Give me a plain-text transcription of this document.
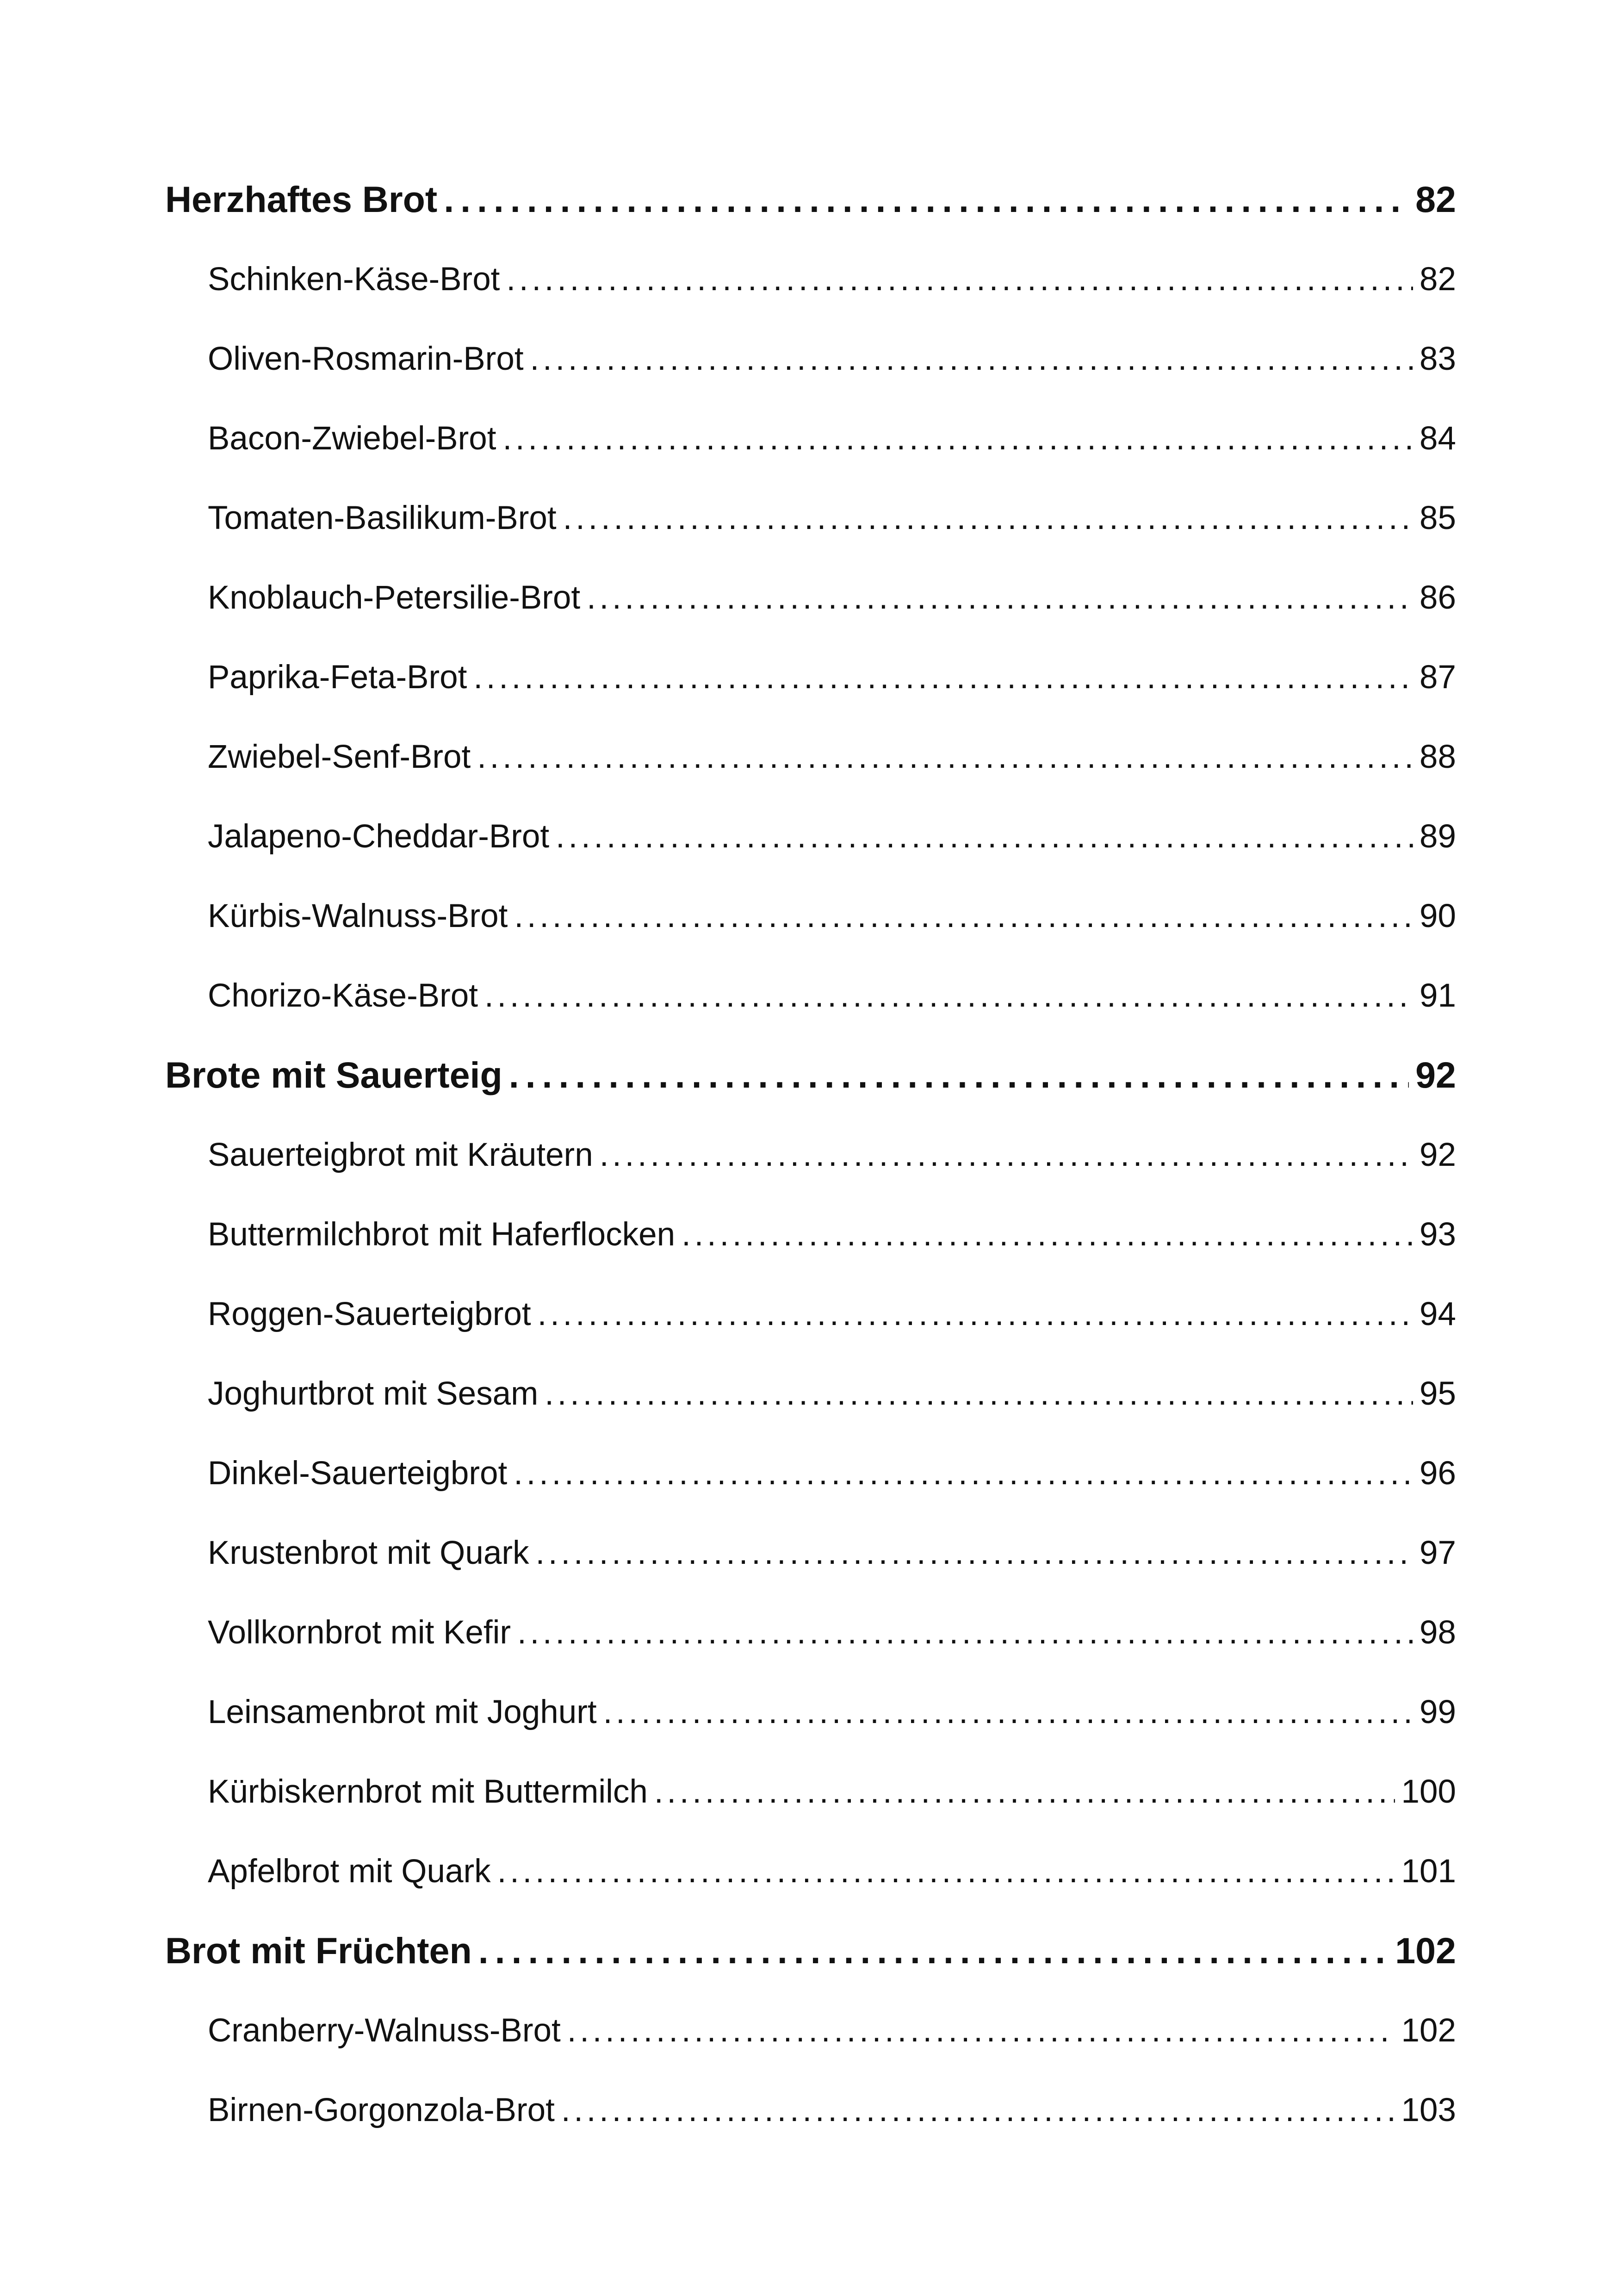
Herzhaftes Brot . . .	82
Schinken-Käse-Brot . . .	82
Oliven-Rosmarin-Brot . . .	83
Bacon-Zwiebel-Brot . . .	84
Tomaten-Basilikum-Brot . . .	85
Knoblauch-Petersilie-Brot . . .	86
Paprika-Feta-Brot . . .	87
Zwiebel-Senf-Brot . . .	88
Jalapeno-Cheddar-Brot . . .	89
Kürbis-Walnuss-Brot . . .	90
Chorizo-Käse-Brot . . .	91
Brote mit Sauerteig . . .	92
Sauerteigbrot mit Kräutern . . .	92
Buttermilchbrot mit Haferflocken . . .	93
Roggen-Sauerteigbrot . . .	94
Joghurtbrot mit Sesam . . .	95
Dinkel-Sauerteigbrot . . .	96
Krustenbrot mit Quark . . .	97
Vollkornbrot mit Kefir . . .	98
Leinsamenbrot mit Joghurt . . .	99
Kürbiskernbrot mit Buttermilch . . .	100
Apfelbrot mit Quark . . .	101
Brot mit Früchten . . .	102
Cranberry-Walnuss-Brot . . .	102
Birnen-Gorgonzola-Brot . . .	103
